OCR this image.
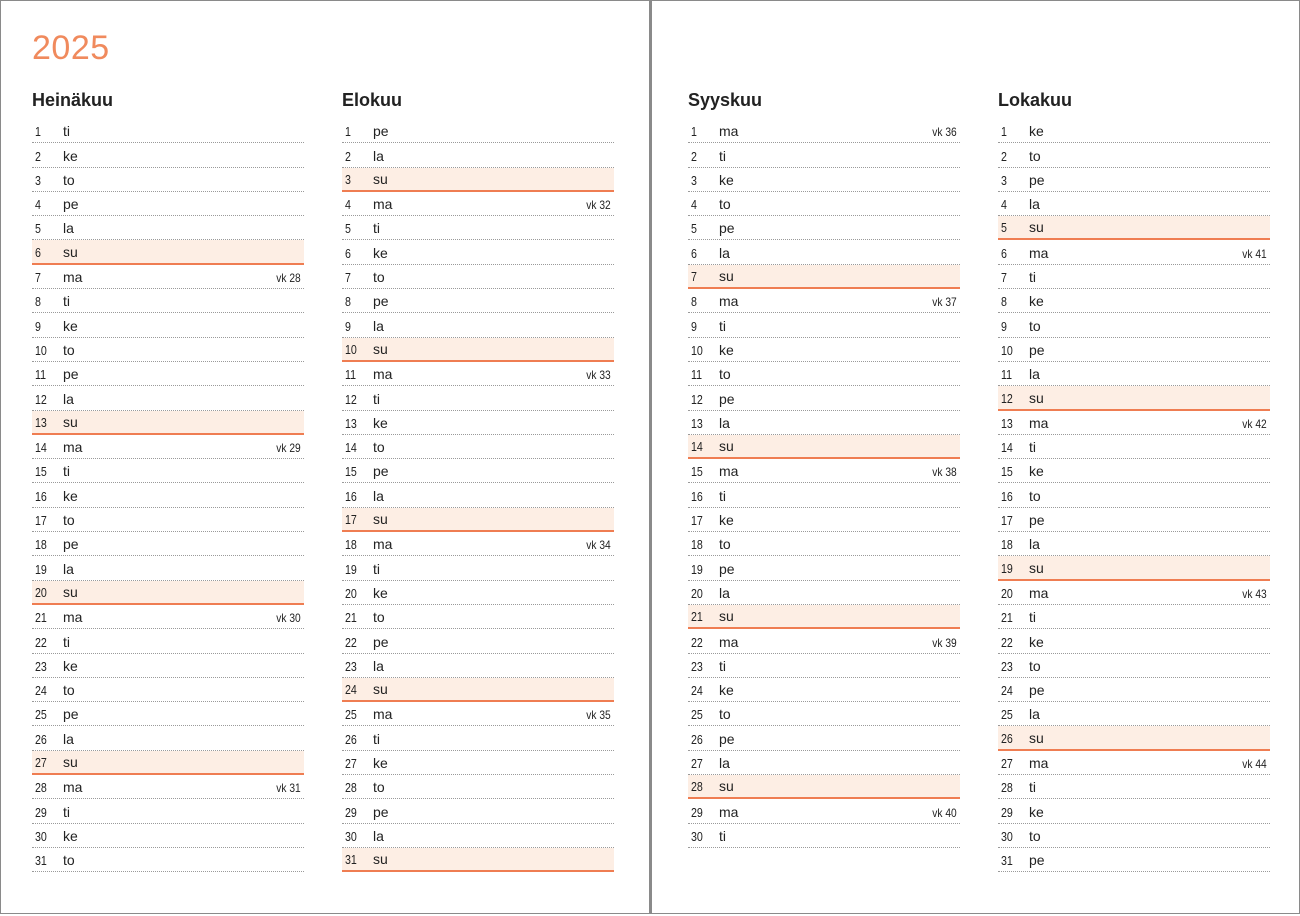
2025
Heinäkuu
1 ti
2 ke
3 to
4 pe
5 la
6 su
7 ma	vk 28
8 ti
9 ke
10 to
11 pe
12 la
13 su
14 ma	vk 29
15 ti
16 ke
17 to
18 pe
19 la
20 su
21 ma	vk 30
22 ti
23 ke
24 to
25 pe
26 la
27 su
28 ma	vk 31
29 ti
30 ke
31 to
Elokuu
1 pe
2 la
3 su
4 ma	vk 32
5 ti
6 ke
7 to
8 pe
9 la
10 su
11 ma	vk 33
12 ti
13 ke
14 to
15 pe
16 la
17 su
18 ma	vk 34
19 ti
20 ke
21 to
22 pe
23 la
24 su
25 ma	vk 35
26 ti
27 ke
28 to
29 pe
30 la
31 su
Syyskuu
1 ma	vk 36
2 ti
3 ke
4 to
5 pe
6 la
7 su
8 ma	vk 37
9 ti
10 ke
11 to
12 pe
13 la
14 su
15 ma	vk 38
16 ti
17 ke
18 to
19 pe
20 la
21 su
22 ma	vk 39
23 ti
24 ke
25 to
26 pe
27 la
28 su
29 ma	vk 40
30 ti
Lokakuu
1 ke
2 to
3 pe
4 la
5 su
6 ma	vk 41
7 ti
8 ke
9 to
10 pe
11 la
12 su
13 ma	vk 42
14 ti
15 ke
16 to
17 pe
18 la
19 su
20 ma	vk 43
21 ti
22 ke
23 to
24 pe
25 la
26 su
27 ma	vk 44
28 ti
29 ke
30 to
31 pe
